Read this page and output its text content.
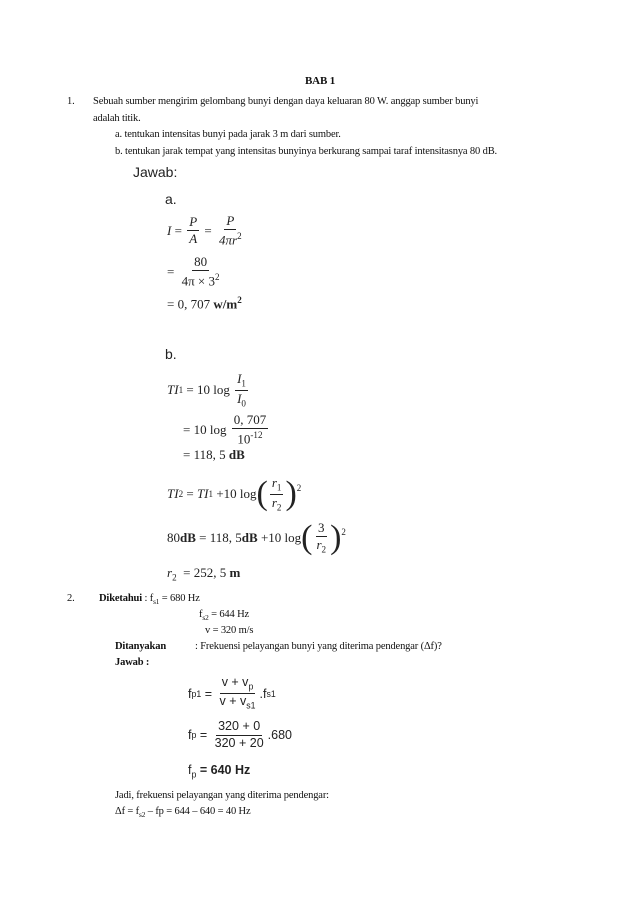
BAB 1
1. Sebuah sumber mengirim gelombang bunyi dengan daya keluaran 80 W. anggap sumber bunyi
adalah titik.
a. tentukan intensitas bunyi pada jarak 3 m dari sumber.
b. tentukan jarak tempat yang intensitas bunyinya berkurang sampai taraf intensitasnya 80 dB.
Jawab:
a.
$I = \frac{P}{A} = \frac{P}{4\pi r^2}$
= $\frac{80}{4\pi \times 3^2}$
= 0, 707 $w/m^2$
b.
TI 1 = 10 log
$\frac{I_1}{I_0}$
= 10 log
$\frac{0, 707}{10^{-12}}$
= 118, 5 dB
TI 2 = TI 1
+10 log ( $\frac{r_1}{r_2}$ ) 2
80 dB = 118, 5 dB
+10 log ( $\frac{3}{r_2}$ ) 2
$r_2 = 252$, 5 m
2. Diketahui : $f_{s1} = 680$ Hz
$f_{s2} = 644$ Hz
v = 320 m/s
Ditanyakan	: Frekuensi pelayangan bunyi yang diterima pendengar (Δf)?
Jawab :
f $p1 = \frac{v + v_p}{v + v_{s1}} .f$ s1
f $p = \frac{320 + 0}{320 + 20} .680$
$f_p = 640$ Hz
Jadi, frekuensi pelayangan yang diterima pendengar:
$\Delta f = f_{s2}$ – fp = 644 – 640 = 40 Hz
